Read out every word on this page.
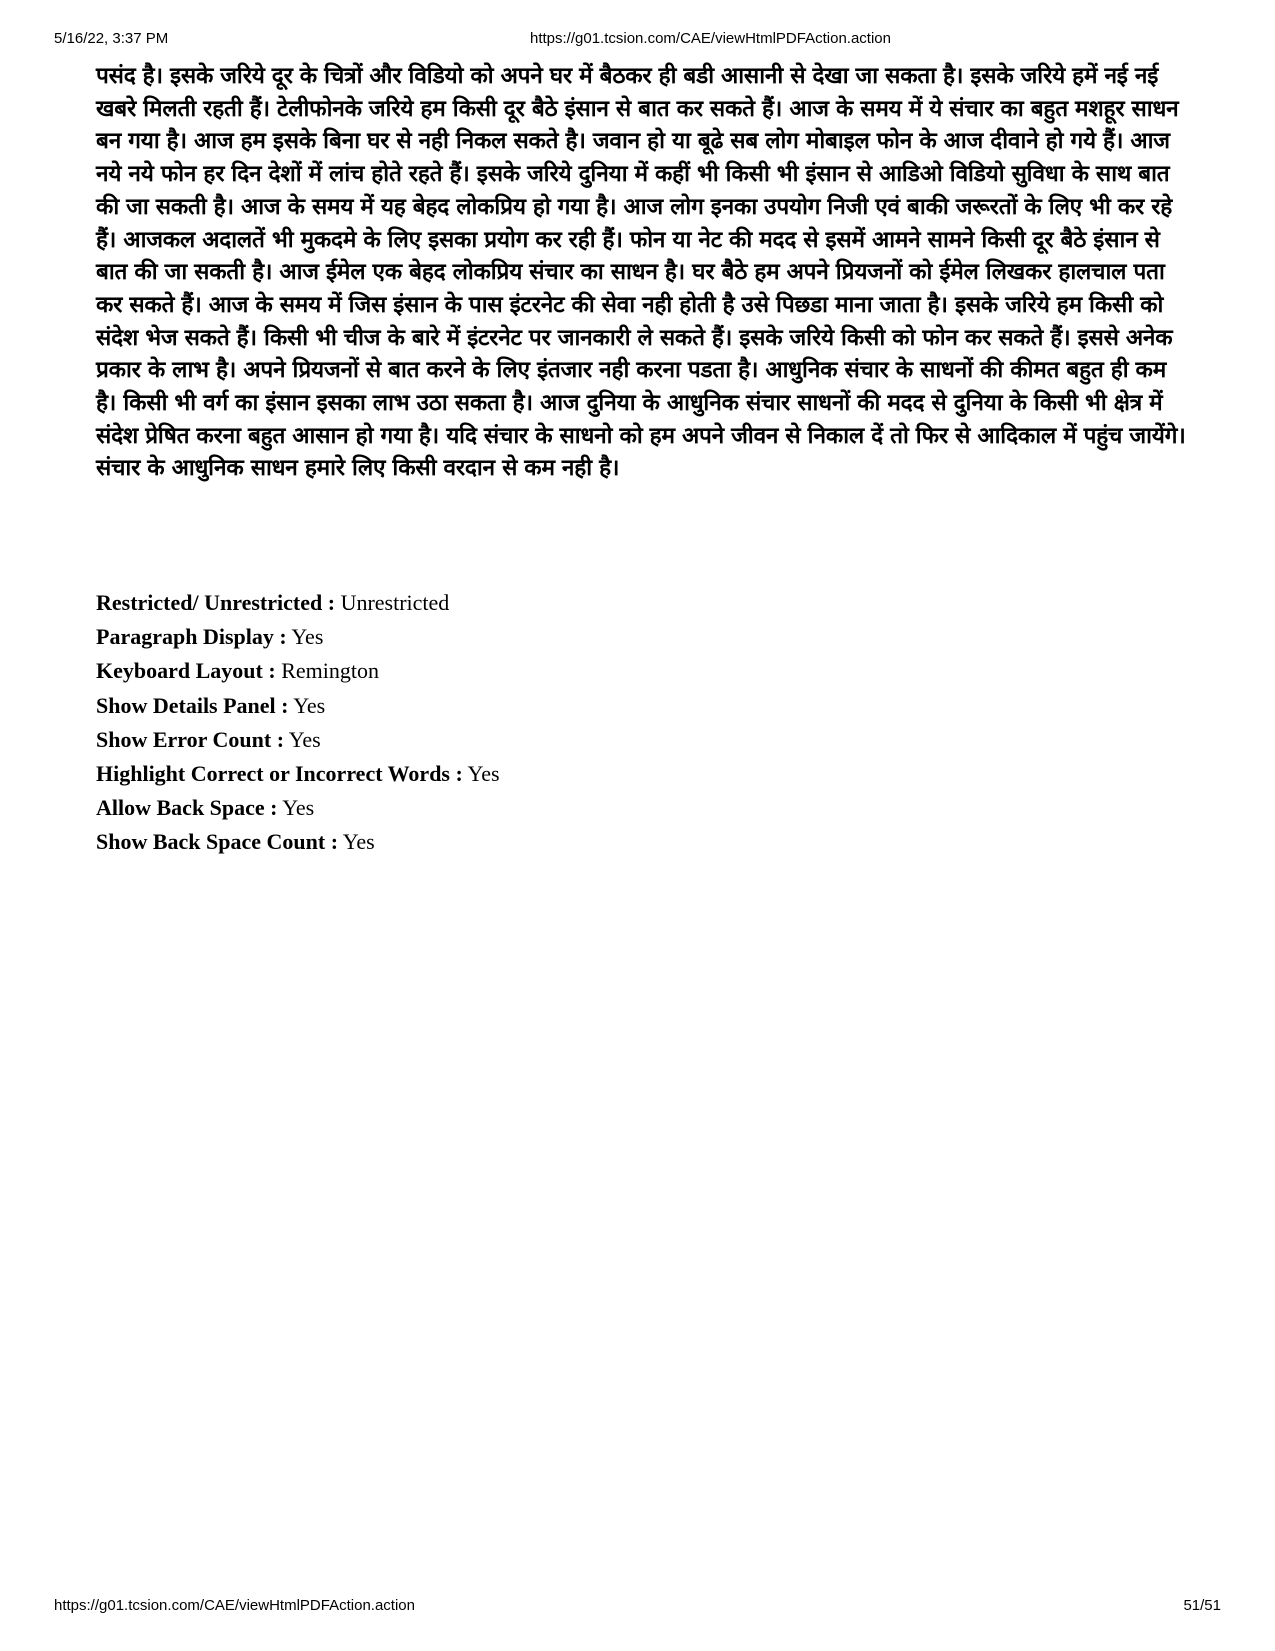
5/16/22, 3:37 PM	https://g01.tcsion.com/CAE/viewHtmlPDFAction.action

पसंद है। इसके जरिये दूर के चित्रों और विडियो को अपने घर में बैठकर ही बडी आसानी से देखा जा सकता है। इसके जरिये हमें नई नई खबरे मिलती रहती हैं। टेलीफोनके जरिये हम किसी दूर बैठे इंसान से बात कर सकते हैं। आज के समय में ये संचार का बहुत मशहूर साधन बन गया है। आज हम इसके बिना घर से नही निकल सकते है। जवान हो या बूढे सब लोग मोबाइल फोन के आज दीवाने हो गये हैं। आज नये नये फोन हर दिन देशों में लांच होते रहते हैं। इसके जरिये दुनिया में कहीं भी किसी भी इंसान से आडिओ विडियो सुविधा के साथ बात की जा सकती है। आज के समय में यह बेहद लोकप्रिय हो गया है। आज लोग इनका उपयोग निजी एवं बाकी जरूरतों के लिए भी कर रहे हैं। आजकल अदालतें भी मुकदमे के लिए इसका प्रयोग कर रही हैं। फोन या नेट की मदद से इसमें आमने सामने किसी दूर बैठे इंसान से बात की जा सकती है। आज ईमेल एक बेहद लोकप्रिय संचार का साधन है। घर बैठे हम अपने प्रियजनों को ईमेल लिखकर हालचाल पता कर सकते हैं। आज के समय में जिस इंसान के पास इंटरनेट की सेवा नही होती है उसे पिछडा माना जाता है। इसके जरिये हम किसी को संदेश भेज सकते हैं। किसी भी चीज के बारे में इंटरनेट पर जानकारी ले सकते हैं। इसके जरिये किसी को फोन कर सकते हैं। इससे अनेक प्रकार के लाभ है। अपने प्रियजनों से बात करने के लिए इंतजार नही करना पडता है। आधुनिक संचार के साधनों की कीमत बहुत ही कम है। किसी भी वर्ग का इंसान इसका लाभ उठा सकता है। आज दुनिया के आधुनिक संचार साधनों की मदद से दुनिया के किसी भी क्षेत्र में संदेश प्रेषित करना बहुत आसान हो गया है। यदि संचार के साधनो को हम अपने जीवन से निकाल दें तो फिर से आदिकाल में पहुंच जायेंगे। संचार के आधुनिक साधन हमारे लिए किसी वरदान से कम नही है।

Restricted/ Unrestricted : Unrestricted
Paragraph Display : Yes
Keyboard Layout : Remington
Show Details Panel : Yes
Show Error Count : Yes
Highlight Correct or Incorrect Words : Yes
Allow Back Space : Yes
Show Back Space Count : Yes
https://g01.tcsion.com/CAE/viewHtmlPDFAction.action	51/51
